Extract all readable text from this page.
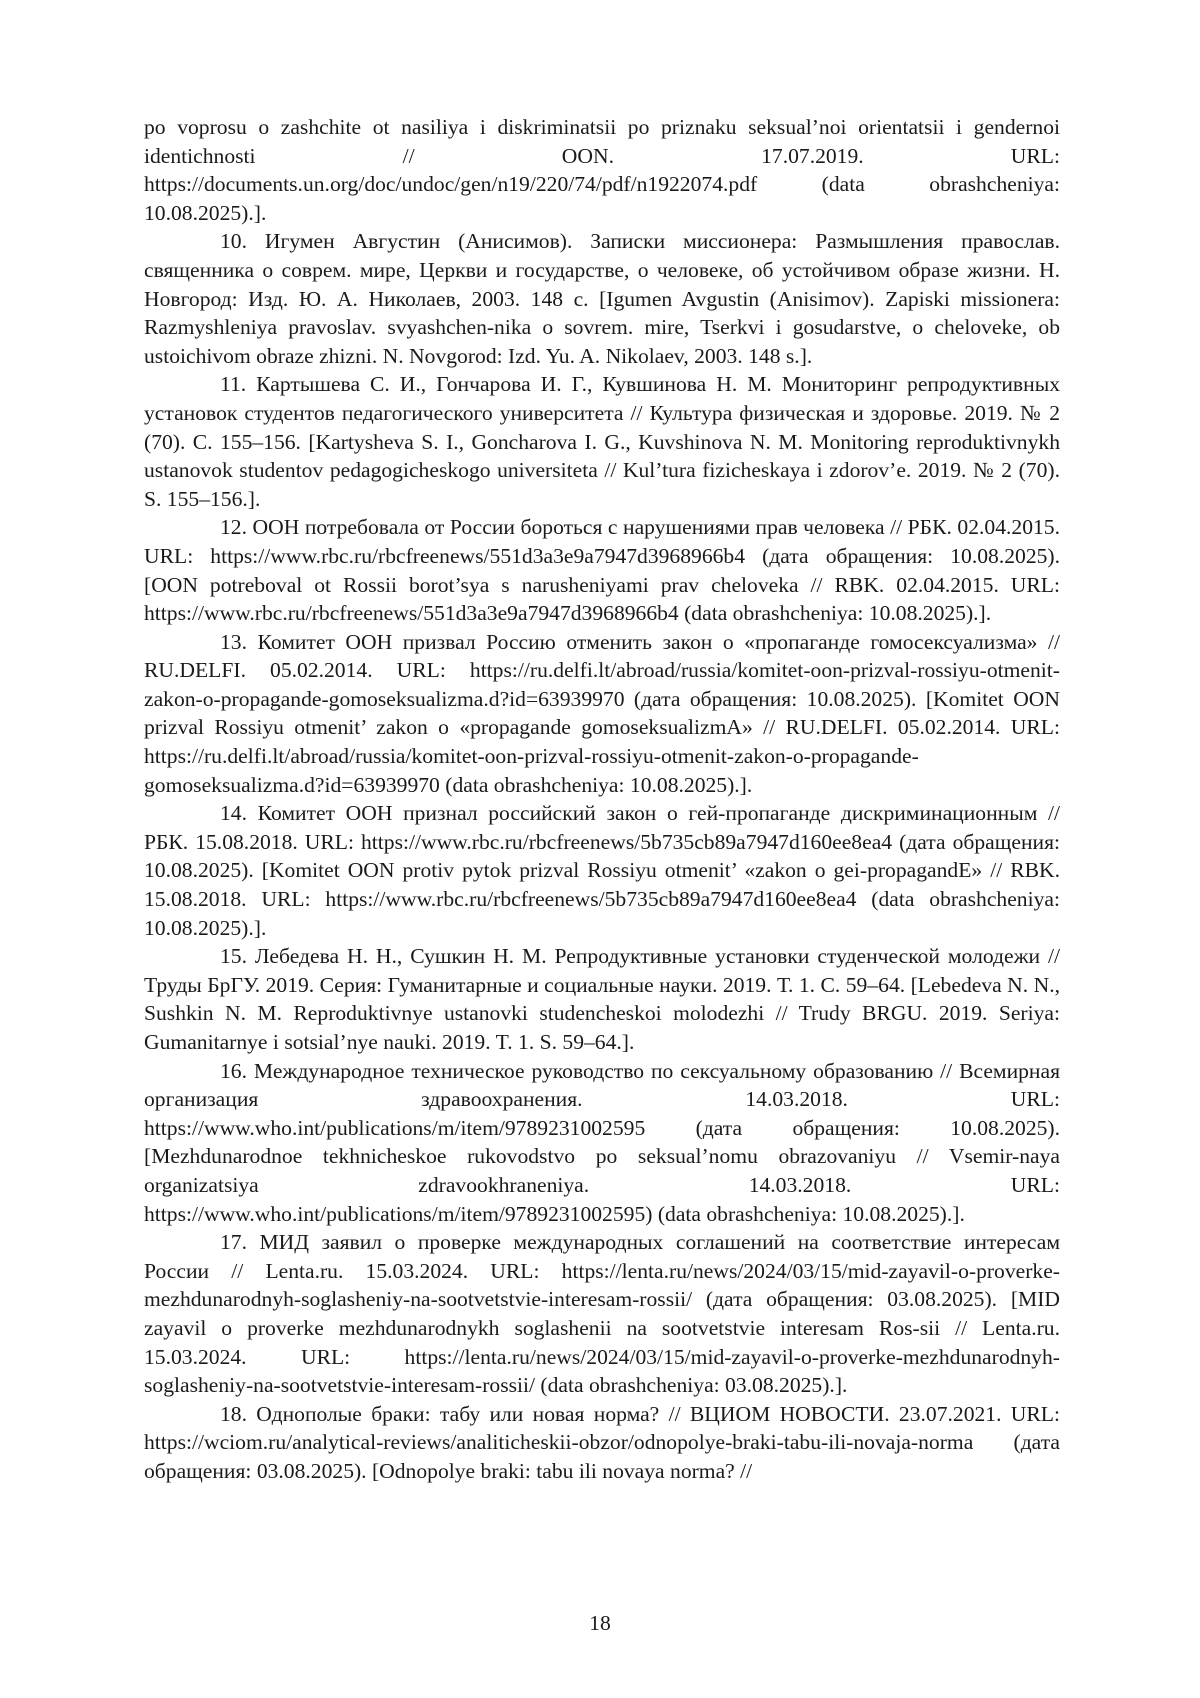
po voprosu o zashchite ot nasiliya i diskriminatsii po priznaku seksual’noi orientatsii i gendernoi identichnosti // OON. 17.07.2019. URL: https://documents.un.org/doc/undoc/gen/n19/220/74/pdf/n1922074.pdf (data obrashcheniya: 10.08.2025).].

10. Игумен Августин (Анисимов). Записки миссионера: Размышления православ. священника о соврем. мире, Церкви и государстве, о человеке, об устойчивом образе жизни. Н. Новгород: Изд. Ю. А. Николаев, 2003. 148 с. [Igumen Avgustin (Anisimov). Zapiski missionera: Razmyshleniya pravoslav. svyashchen-nika o sovrem. mire, Tserkvi i gosudarstve, o cheloveke, ob ustoichivom obraze zhizni. N. Novgorod: Izd. Yu. A. Nikolaev, 2003. 148 s.].

11. Картышева С. И., Гончарова И. Г., Кувшинова Н. М. Мониторинг репродуктивных установок студентов педагогического университета // Культура физическая и здоровье. 2019. № 2 (70). С. 155–156. [Kartysheva S. I., Goncharova I. G., Kuvshinova N. M. Monitoring reproduktivnykh ustanovok studentov pedagogicheskogo universiteta // Kul’tura fizicheskaya i zdorov’e. 2019. № 2 (70). S. 155–156.].

12. ООН потребовала от России бороться с нарушениями прав человека // РБК. 02.04.2015. URL: https://www.rbc.ru/rbcfreenews/551d3a3e9a7947d3968966b4 (дата обращения: 10.08.2025). [OON potreboval ot Rossii borot’sya s narusheniyami prav cheloveka // RBK. 02.04.2015. URL: https://www.rbc.ru/rbcfreenews/551d3a3e9a7947d3968966b4 (data obrashcheniya: 10.08.2025).].

13. Комитет ООН призвал Россию отменить закон о «пропаганде гомосексуализма» // RU.DELFI. 05.02.2014. URL: https://ru.delfi.lt/abroad/russia/komitet-oon-prizval-rossiyu-otmenit-zakon-o-propagande-gomoseksualizma.d?id=63939970 (дата обращения: 10.08.2025). [Komitet OON prizval Rossiyu otmenit’ zakon o «propagande gomoseksualizmA» // RU.DELFI. 05.02.2014. URL: https://ru.delfi.lt/abroad/russia/komitet-oon-prizval-rossiyu-otmenit-zakon-o-propagande-gomoseksualizma.d?id=63939970 (data obrashcheniya: 10.08.2025).].

14. Комитет ООН признал российский закон о гей-пропаганде дискриминационным // РБК. 15.08.2018. URL: https://www.rbc.ru/rbcfreenews/5b735cb89a7947d160ee8ea4 (дата обращения: 10.08.2025). [Komitet OON protiv pytok prizval Rossiyu otmenit’ «zakon o gei-propagandE» // RBK. 15.08.2018. URL: https://www.rbc.ru/rbcfreenews/5b735cb89a7947d160ee8ea4 (data obrashcheniya: 10.08.2025).].

15. Лебедева Н. Н., Сушкин Н. М. Репродуктивные установки студенческой молодежи // Труды БрГУ. 2019. Серия: Гуманитарные и социальные науки. 2019. Т. 1. С. 59–64. [Lebedeva N. N., Sushkin N. M. Reproduktivnye ustanovki studencheskoi molodezhi // Trudy BRGU. 2019. Seriya: Gumanitarnye i sotsial’nye nauki. 2019. T. 1. S. 59–64.].

16. Международное техническое руководство по сексуальному образованию // Всемирная организация здравоохранения. 14.03.2018. URL: https://www.who.int/publications/m/item/9789231002595 (дата обращения: 10.08.2025). [Mezhdunarodnoe tekhnicheskoe rukovodstvo po seksual’nomu obrazovaniyu // Vsemir-naya organizatsiya zdravookhraneniya. 14.03.2018. URL: https://www.who.int/publications/m/item/9789231002595) (data obrashcheniya: 10.08.2025).].

17. МИД заявил о проверке международных соглашений на соответствие интересам России // Lenta.ru. 15.03.2024. URL: https://lenta.ru/news/2024/03/15/mid-zayavil-o-proverke-mezhdunarodnyh-soglasheniy-na-sootvetstvie-interesam-rossii/ (дата обращения: 03.08.2025). [MID zayavil o proverke mezhdunarodnykh soglashenii na sootvetstvie interesam Ros-sii // Lenta.ru. 15.03.2024. URL: https://lenta.ru/news/2024/03/15/mid-zayavil-o-proverke-mezhdunarodnyh-soglasheniy-na-sootvetstvie-interesam-rossii/ (data obrashcheniya: 03.08.2025).].

18. Однополые браки: табу или новая норма? // ВЦИОМ НОВОСТИ. 23.07.2021. URL: https://wciom.ru/analytical-reviews/analiticheskii-obzor/odnopolye-braki-tabu-ili-novaja-norma (дата обращения: 03.08.2025). [Odnopolye braki: tabu ili novaya norma? //

18
